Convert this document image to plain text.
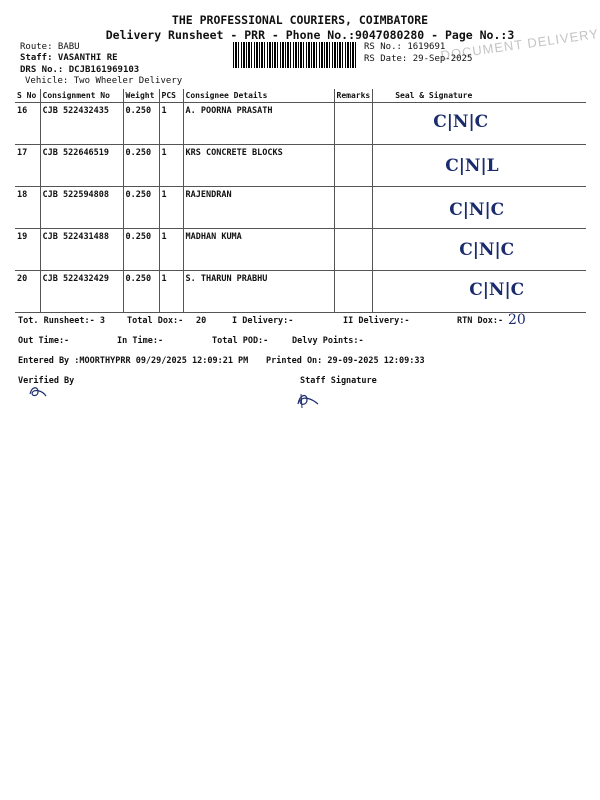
THE PROFESSIONAL COURIERS, COIMBATORE
Delivery Runsheet - PRR - Phone No.:9047080280 - Page No.:3
Route: BABU
Staff: VASANTHI RE
DRS No.: DCJB161969103
Vehicle: Two Wheeler Delivery
DOCUMENT DELIVERY
RS No.: 1619691
RS Date: 29-Sep-2025
S No	Consignment No	Weight	PCS	Consignee Details	Remarks	Seal & Signature
16	CJB 522432435	0.250	1	A. POORNA PRASATH		C|N|C
17	CJB 522646519	0.250	1	KRS CONCRETE BLOCKS		C|N|L
18	CJB 522594808	0.250	1	RAJENDRAN		C|N|C
19	CJB 522431488	0.250	1	MADHAN KUMA		C|N|C
20	CJB 522432429	0.250	1	S. THARUN PRABHU		C|N|C
Tot. Runsheet:- 3	Total Dox:- 20	I Delivery:-	II Delivery:-	RTN Dox:- 20
Out Time:-	In Time:-	Total POD:-	Delvy Points:-
Entered By :MOORTHYPRR 09/29/2025 12:09:21 PM Printed On: 29-09-2025 12:09:33
Verified By	Staff Signature
